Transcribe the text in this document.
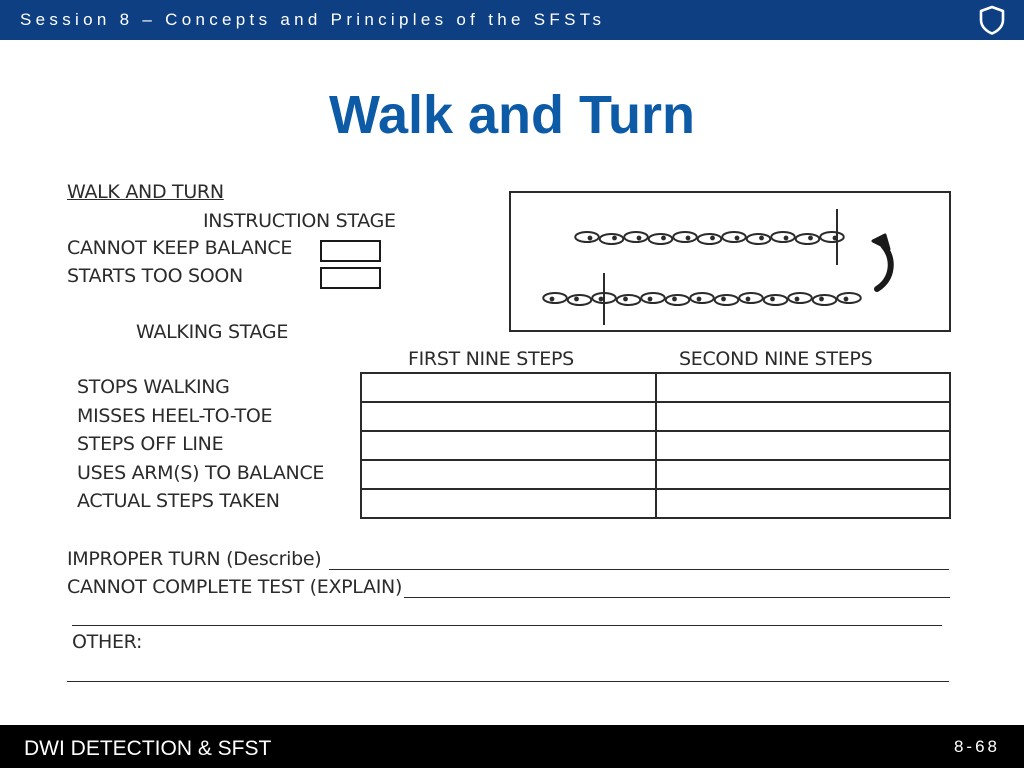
Session 8 – Concepts and Principles of the SFSTs
Walk and Turn
WALK AND TURN
INSTRUCTION STAGE
CANNOT KEEP BALANCE
STARTS TOO SOON
WALKING STAGE
FIRST NINE STEPS	SECOND NINE STEPS
STOPS WALKING
MISSES HEEL-TO-TOE
STEPS OFF LINE
USES ARM(S) TO BALANCE
ACTUAL STEPS TAKEN

IMPROPER TURN (Describe)
CANNOT COMPLETE TEST (EXPLAIN)
OTHER:
DWI DETECTION & SFST	8-68
